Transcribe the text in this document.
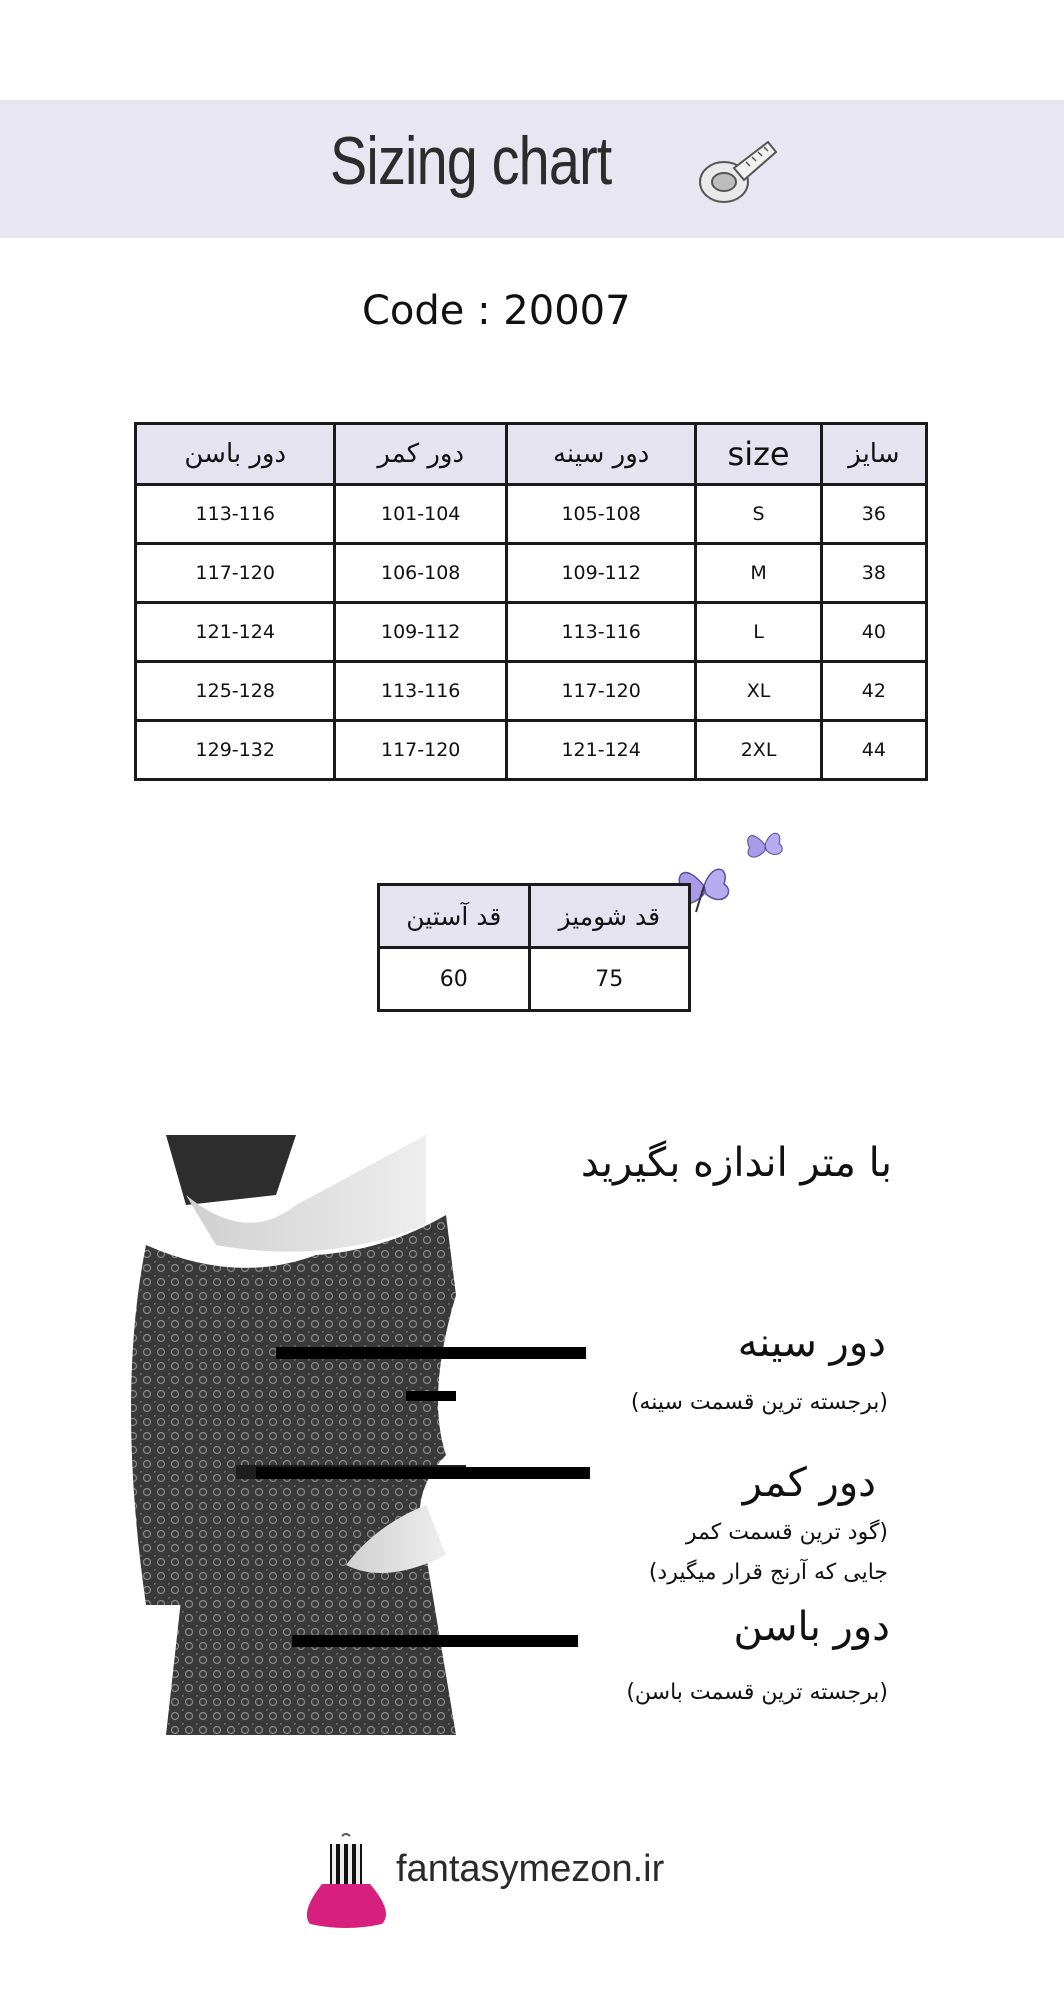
Sizing chart
Code : 20007
دور باسن	دور کمر	دور سینه	size	سایز
113-116	101-104	105-108	S	36
117-120	106-108	109-112	M	38
121-124	109-112	113-116	L	40
125-128	113-116	117-120	XL	42
129-132	117-120	121-124	2XL	44
قد آستین	قد شومیز
60	75
با متر اندازه بگیرید
دور سینه
(برجسته ترین قسمت سینه)
دور کمر
(گود ترین قسمت کمر
جایی که آرنج قرار میگیرد)
دور باسن
(برجسته ترین قسمت باسن)
fantasymezon.ir
